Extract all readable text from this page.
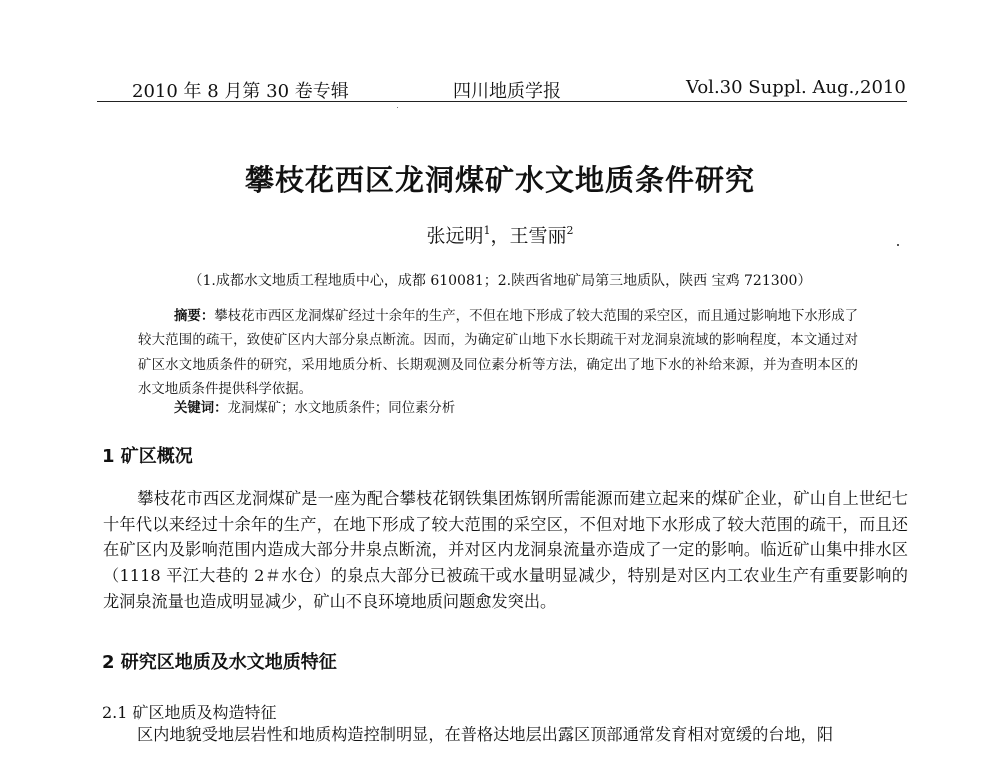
2010 年 8 月第 30 卷专辑	四川地质学报	Vol.30 Suppl. Aug.,2010
攀枝花西区龙洞煤矿水文地质条件研究
张远明$^1$，王雪丽$^2$
（1.成都水文地质工程地质中心，成都 610081；2.陕西省地矿局第三地质队，陕西 宝鸡 721300）
摘要：攀枝花市西区龙洞煤矿经过十余年的生产，不但在地下形成了较大范围的采空区，而且通过影响地下水形成了较大范围的疏干，致使矿区内大部分泉点断流。因而，为确定矿山地下水长期疏干对龙洞泉流域的影响程度，本文通过对矿区水文地质条件的研究，采用地质分析、长期观测及同位素分析等方法，确定出了地下水的补给来源，并为查明本区的水文地质条件提供科学依据。
关键词：龙洞煤矿；水文地质条件；同位素分析
1 矿区概况
攀枝花市西区龙洞煤矿是一座为配合攀枝花钢铁集团炼钢所需能源而建立起来的煤矿企业，矿山自上世纪七十年代以来经过十余年的生产，在地下形成了较大范围的采空区，不但对地下水形成了较大范围的疏干，而且还在矿区内及影响范围内造成大部分井泉点断流，并对区内龙洞泉流量亦造成了一定的影响。临近矿山集中排水区（1118 平江大巷的 2＃水仓）的泉点大部分已被疏干或水量明显减少，特别是对区内工农业生产有重要影响的龙洞泉流量也造成明显减少，矿山不良环境地质问题愈发突出。
2 研究区地质及水文地质特征
2.1 矿区地质及构造特征
区内地貌受地层岩性和地质构造控制明显，在普格达地层出露区顶部通常发育相对宽缓的台地，阳
